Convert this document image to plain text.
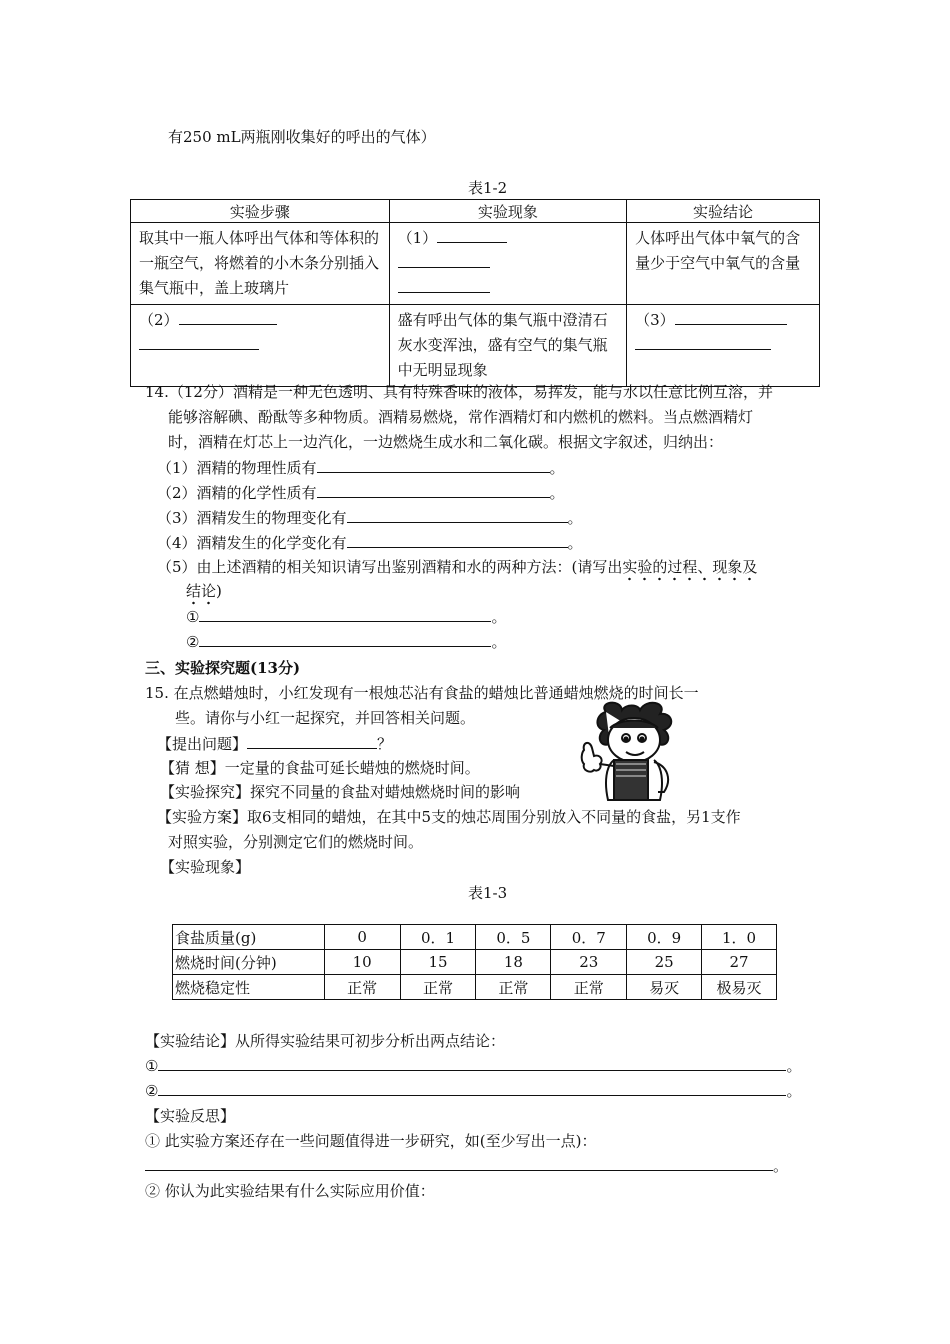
有250 mL两瓶刚收集好的呼出的气体）
表1-2
实验步骤	实验现象	实验结论
取其中一瓶人体呼出气体和等体积的一瓶空气，将燃着的小木条分别插入集气瓶中，盖上玻璃片	（1）	人体呼出气体中氧气的含量少于空气中氧气的含量
（2）	盛有呼出气体的集气瓶中澄清石灰水变浑浊，盛有空气的集气瓶中无明显现象	（3）

14.（12分）酒精是一种无色透明、具有特殊香味的液体，易挥发，能与水以任意比例互溶，并
能够溶解碘、酚酞等多种物质。酒精易燃烧，常作酒精灯和内燃机的燃料。当点燃酒精灯
时，酒精在灯芯上一边汽化，一边燃烧生成水和二氧化碳。根据文字叙述，归纳出：
（1）酒精的物理性质有	。
（2）酒精的化学性质有	。
（3）酒精发生的物理变化有	。
（4）酒精发生的化学变化有	。
（5）由上述酒精的相关知识请写出鉴别酒精和水的两种方法：(请写出实验的过程、现象及
结论)
①	。
②	。
三、实验探究题(13分)
15. 在点燃蜡烛时，小红发现有一根烛芯沾有食盐的蜡烛比普通蜡烛燃烧的时间长一
些。请你与小红一起探究，并回答相关问题。
【提出问题】	？
【猜 想】一定量的食盐可延长蜡烛的燃烧时间。
【实验探究】探究不同量的食盐对蜡烛燃烧时间的影响
【实验方案】取6支相同的蜡烛，在其中5支的烛芯周围分别放入不同量的食盐，另1支作
对照实验，分别测定它们的燃烧时间。
【实验现象】
表1-3
食盐质量(g)	0	0．1	0．5	0．7	0．9	1．0
燃烧时间(分钟)	10	15	18	23	25	27
燃烧稳定性	正常	正常	正常	正常	易灭	极易灭
【实验结论】从所得实验结果可初步分析出两点结论：
①	。
②	。
【实验反思】
① 此实验方案还存在一些问题值得进一步研究，如(至少写出一点)：
。
② 你认为此实验结果有什么实际应用价值：
